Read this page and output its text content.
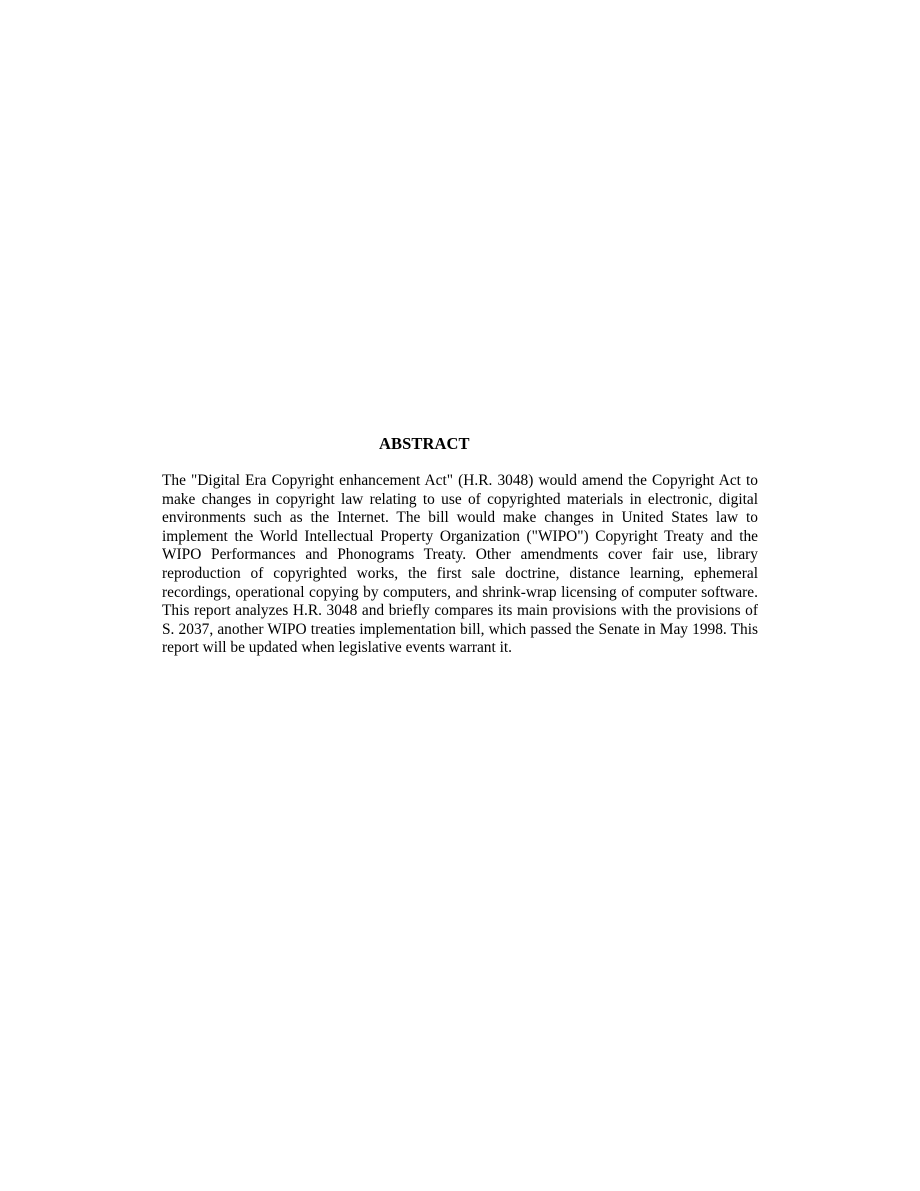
ABSTRACT

The "Digital Era Copyright enhancement Act" (H.R. 3048) would amend the Copyright Act to make changes in copyright law relating to use of copyrighted materials in electronic, digital environments such as the Internet. The bill would make changes in United States law to implement the World Intellectual Property Organization ("WIPO") Copyright Treaty and the WIPO Performances and Phonograms Treaty. Other amendments cover fair use, library reproduction of copyrighted works, the first sale doctrine, distance learning, ephemeral recordings, operational copying by computers, and shrink-wrap licensing of computer software. This report analyzes H.R. 3048 and briefly compares its main provisions with the provisions of S. 2037, another WIPO treaties implementation bill, which passed the Senate in May 1998. This report will be updated when legislative events warrant it.
